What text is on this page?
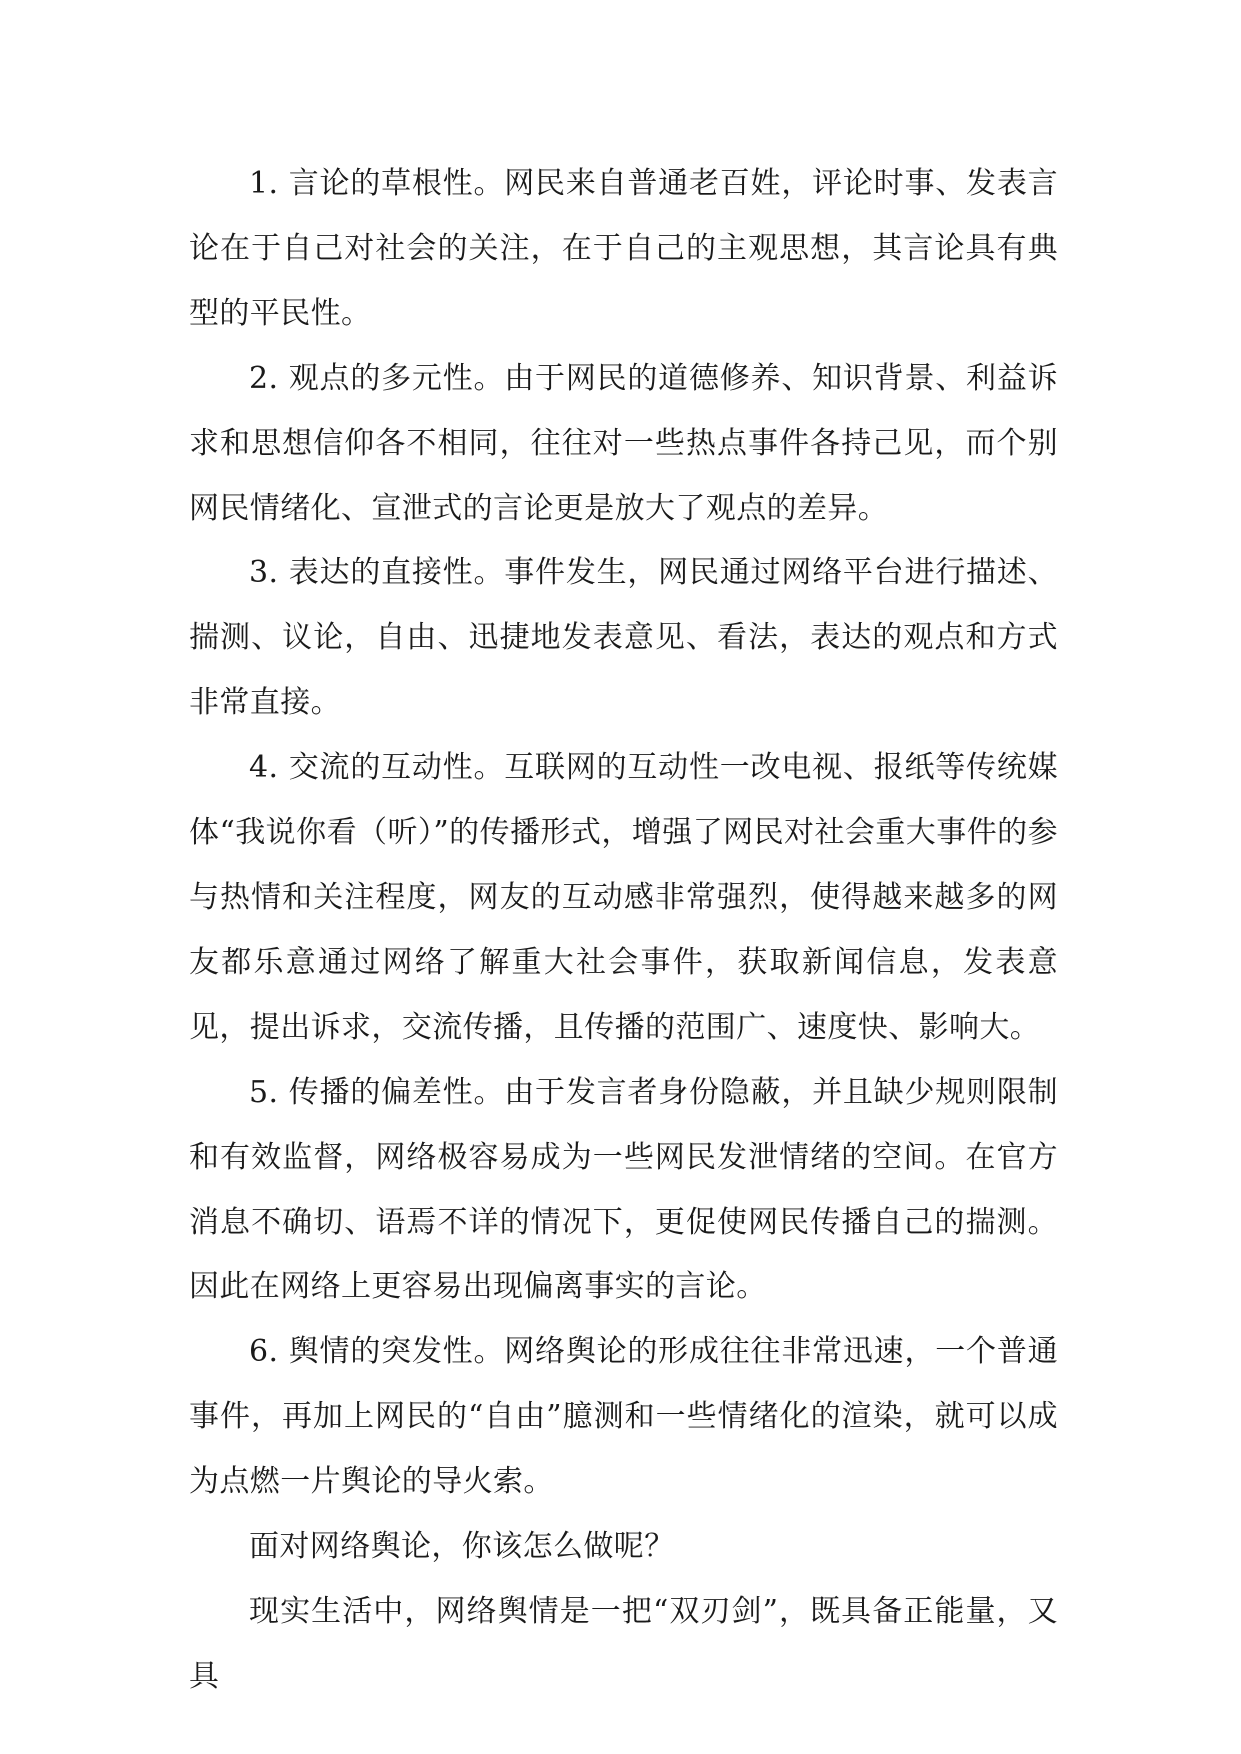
1. 言论的草根性。网民来自普通老百姓，评论时事、发表言论在于自己对社会的关注，在于自己的主观思想，其言论具有典型的平民性。

2. 观点的多元性。由于网民的道德修养、知识背景、利益诉求和思想信仰各不相同，往往对一些热点事件各持己见，而个别网民情绪化、宣泄式的言论更是放大了观点的差异。

3. 表达的直接性。事件发生，网民通过网络平台进行描述、揣测、议论，自由、迅捷地发表意见、看法，表达的观点和方式非常直接。

4. 交流的互动性。互联网的互动性一改电视、报纸等传统媒体“我说你看（听）”的传播形式，增强了网民对社会重大事件的参与热情和关注程度，网友的互动感非常强烈，使得越来越多的网友都乐意通过网络了解重大社会事件，获取新闻信息，发表意见，提出诉求，交流传播，且传播的范围广、速度快、影响大。

5. 传播的偏差性。由于发言者身份隐蔽，并且缺少规则限制和有效监督，网络极容易成为一些网民发泄情绪的空间。在官方消息不确切、语焉不详的情况下，更促使网民传播自己的揣测。因此在网络上更容易出现偏离事实的言论。

6. 舆情的突发性。网络舆论的形成往往非常迅速，一个普通事件，再加上网民的“自由”臆测和一些情绪化的渲染，就可以成为点燃一片舆论的导火索。

面对网络舆论，你该怎么做呢？

现实生活中，网络舆情是一把“双刃剑”，既具备正能量，又具
